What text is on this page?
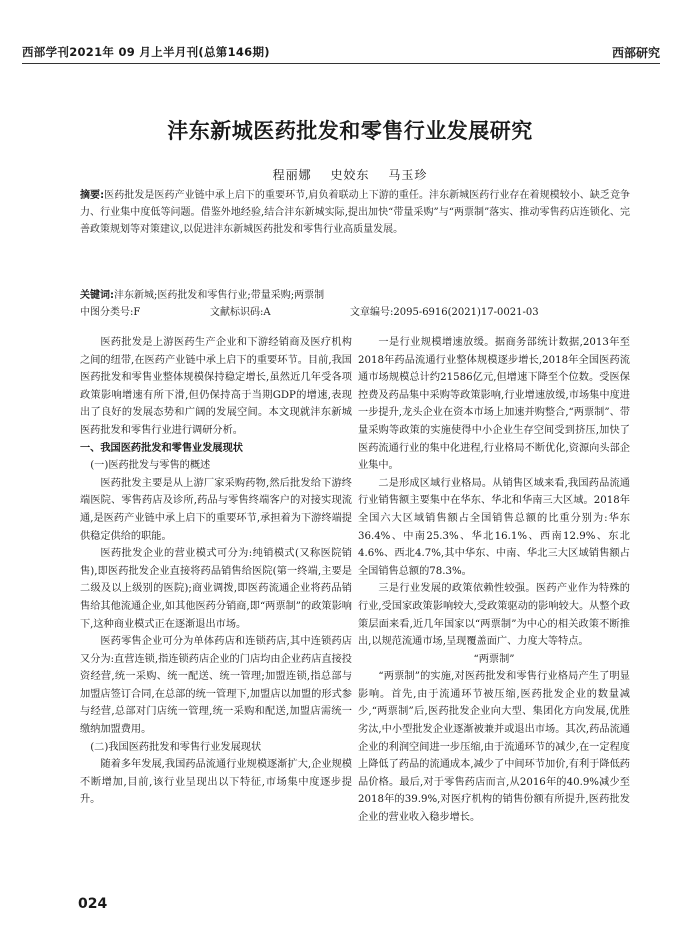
西部学刊2021年 09 月上半月刊(总第146期)	西部研究
沣东新城医药批发和零售行业发展研究
程丽娜 史姣东 马玉珍
摘要:医药批发是医药产业链中承上启下的重要环节,肩负着联动上下游的重任。沣东新城医药行业存在着规模较小、缺乏竞争力、行业集中度低等问题。借鉴外地经验,结合沣东新城实际,提出加快“带量采购”与“两票制”落实、推动零售药店连锁化、完善政策规划等对策建议,以促进沣东新城医药批发和零售行业高质量发展。
关键词:沣东新城;医药批发和零售行业;带量采购;两票制
中图分类号:F	文献标识码:A	文章编号:2095-6916(2021)17-0021-03

医药批发是上游医药生产企业和下游经销商及医疗机构之间的纽带,在医药产业链中承上启下的重要环节。目前,我国医药批发和零售业整体规模保持稳定增长,虽然近几年受各项政策影响增速有所下滑,但仍保持高于当期GDP的增速,表现出了良好的发展态势和广阔的发展空间。本文现就沣东新城医药批发和零售行业进行调研分析。

一、我国医药批发和零售业发展现状

(一)医药批发与零售的概述

医药批发主要是从上游厂家采购药物,然后批发给下游终端医院、零售药店及诊所,药品与零售终端客户的对接实现流通,是医药产业链中承上启下的重要环节,承担着为下游终端提供稳定供给的职能。

医药批发企业的营业模式可分为:纯销模式(又称医院销售),即医药批发企业直接将药品销售给医院(第一终端,主要是二级及以上级别的医院);商业调拨,即医药流通企业将药品销售给其他流通企业,如其他医药分销商,即“两票制”的政策影响下,这种商业模式正在逐渐退出市场。

医药零售企业可分为单体药店和连锁药店,其中连锁药店又分为:直营连锁,指连锁药店企业的门店均由企业药店直接投资经营,统一采购、统一配送、统一管理;加盟连锁,指总部与加盟店签订合同,在总部的统一管理下,加盟店以加盟的形式参与经营,总部对门店统一管理,统一采购和配送,加盟店需统一缴纳加盟费用。

(二)我国医药批发和零售行业发展现状

随着多年发展,我国药品流通行业规模逐渐扩大,企业规模不断增加,目前,该行业呈现出以下特征,市场集中度逐步提升。

一是行业规模增速放缓。据商务部统计数据,2013年至2018年药品流通行业整体规模逐步增长,2018年全国医药流通市场规模总计约21586亿元,但增速下降至个位数。受医保控费及药品集中采购等政策影响,行业增速放缓,市场集中度进一步提升,龙头企业在资本市场上加速并购整合,“两票制”、带量采购等政策的实施使得中小企业生存空间受到挤压,加快了医药流通行业的集中化进程,行业格局不断优化,资源向头部企业集中。

二是形成区域行业格局。从销售区域来看,我国药品流通行业销售额主要集中在华东、华北和华南三大区域。2018年全国六大区域销售额占全国销售总额的比重分别为:华东36.4%、中南25.3%、华北16.1%、西南12.9%、东北4.6%、西北4.7%,其中华东、中南、华北三大区域销售额占全国销售总额的78.3%。

三是行业发展的政策依赖性较强。医药产业作为特殊的行业,受国家政策影响较大,受政策驱动的影响较大。从整个政策层面来看,近几年国家以“两票制”为中心的相关政策不断推出,以规范流通市场,呈现覆盖面广、力度大等特点。

“两票制”

“两票制”的实施,对医药批发和零售行业格局产生了明显影响。首先,由于流通环节被压缩,医药批发企业的数量减少,“两票制”后,医药批发企业向大型、集团化方向发展,优胜劣汰,中小型批发企业逐渐被兼并或退出市场。其次,药品流通企业的利润空间进一步压缩,由于流通环节的减少,在一定程度上降低了药品的流通成本,减少了中间环节加价,有利于降低药品价格。最后,对于零售药店而言,从2016年的40.9%减少至2018年的39.9%,对医疗机构的销售份额有所提升,医药批发企业的营业收入稳步增长。

024
